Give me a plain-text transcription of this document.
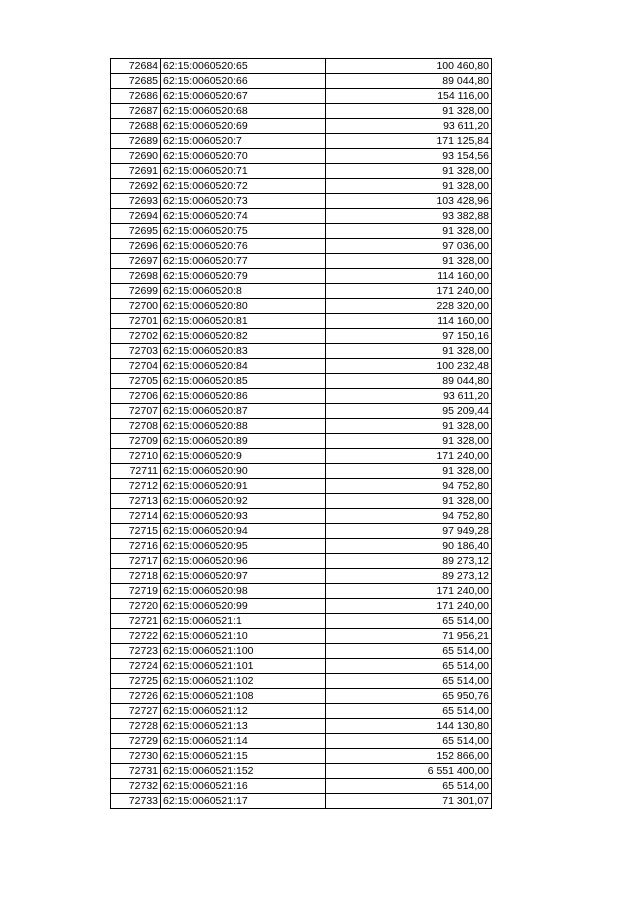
72684	62:15:0060520:65	100 460,80
72685	62:15:0060520:66	89 044,80
72686	62:15:0060520:67	154 116,00
72687	62:15:0060520:68	91 328,00
72688	62:15:0060520:69	93 611,20
72689	62:15:0060520:7	171 125,84
72690	62:15:0060520:70	93 154,56
72691	62:15:0060520:71	91 328,00
72692	62:15:0060520:72	91 328,00
72693	62:15:0060520:73	103 428,96
72694	62:15:0060520:74	93 382,88
72695	62:15:0060520:75	91 328,00
72696	62:15:0060520:76	97 036,00
72697	62:15:0060520:77	91 328,00
72698	62:15:0060520:79	114 160,00
72699	62:15:0060520:8	171 240,00
72700	62:15:0060520:80	228 320,00
72701	62:15:0060520:81	114 160,00
72702	62:15:0060520:82	97 150,16
72703	62:15:0060520:83	91 328,00
72704	62:15:0060520:84	100 232,48
72705	62:15:0060520:85	89 044,80
72706	62:15:0060520:86	93 611,20
72707	62:15:0060520:87	95 209,44
72708	62:15:0060520:88	91 328,00
72709	62:15:0060520:89	91 328,00
72710	62:15:0060520:9	171 240,00
72711	62:15:0060520:90	91 328,00
72712	62:15:0060520:91	94 752,80
72713	62:15:0060520:92	91 328,00
72714	62:15:0060520:93	94 752,80
72715	62:15:0060520:94	97 949,28
72716	62:15:0060520:95	90 186,40
72717	62:15:0060520:96	89 273,12
72718	62:15:0060520:97	89 273,12
72719	62:15:0060520:98	171 240,00
72720	62:15:0060520:99	171 240,00
72721	62:15:0060521:1	65 514,00
72722	62:15:0060521:10	71 956,21
72723	62:15:0060521:100	65 514,00
72724	62:15:0060521:101	65 514,00
72725	62:15:0060521:102	65 514,00
72726	62:15:0060521:108	65 950,76
72727	62:15:0060521:12	65 514,00
72728	62:15:0060521:13	144 130,80
72729	62:15:0060521:14	65 514,00
72730	62:15:0060521:15	152 866,00
72731	62:15:0060521:152	6 551 400,00
72732	62:15:0060521:16	65 514,00
72733	62:15:0060521:17	71 301,07
